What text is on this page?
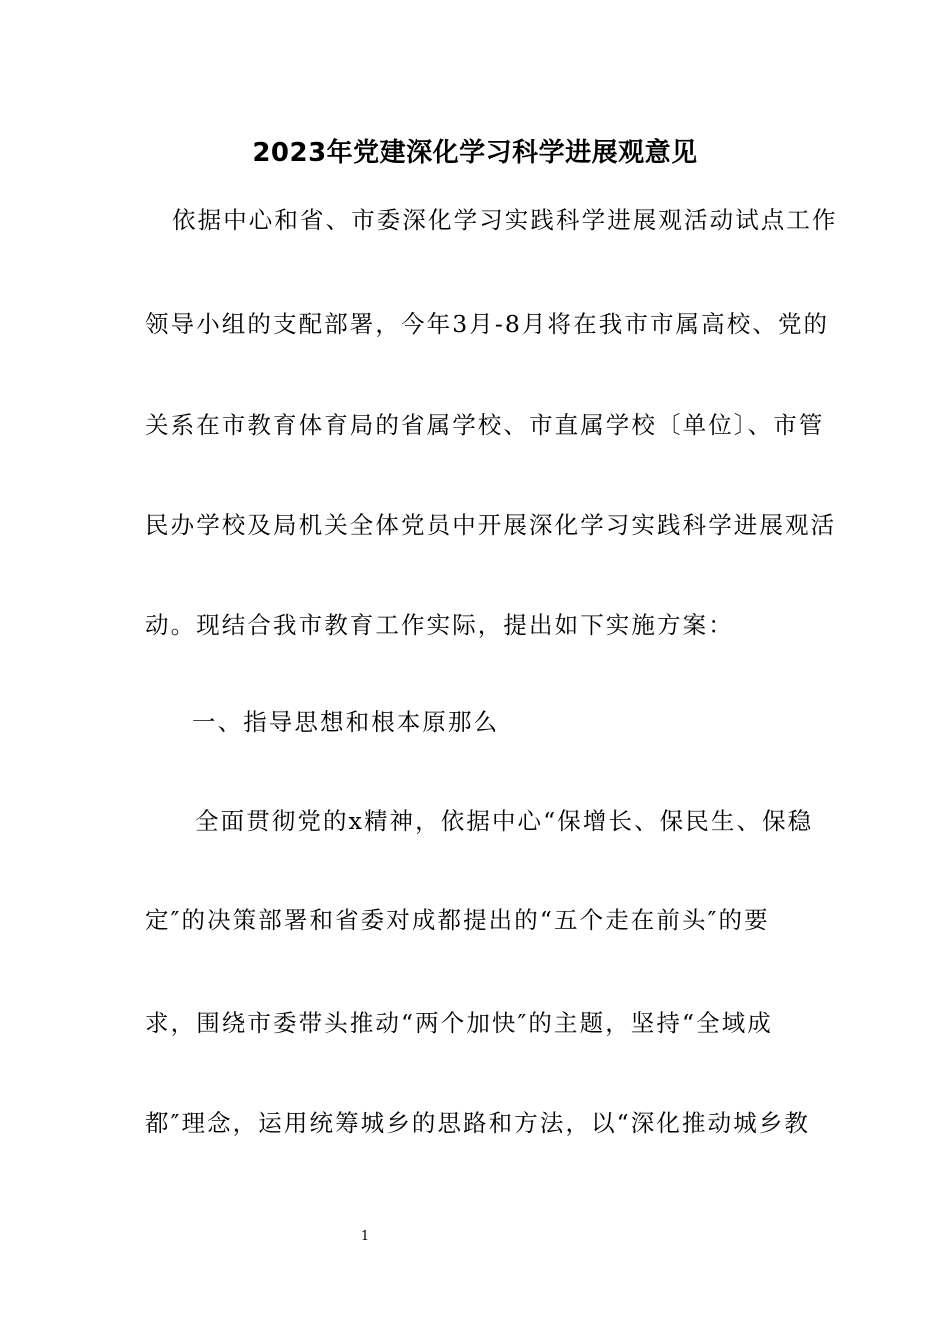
2023年党建深化学习科学进展观意见
依据中心和省、市委深化学习实践科学进展观活动试点工作
领导小组的支配部署，今年3月-8月将在我市市属高校、党的
关系在市教育体育局的省属学校、市直属学校〔单位〕、市管
民办学校及局机关全体党员中开展深化学习实践科学进展观活
动。现结合我市教育工作实际，提出如下实施方案：
一、指导思想和根本原那么
全面贯彻党的x精神，依据中心“保增长、保民生、保稳
定″的决策部署和省委对成都提出的“五个走在前头″的要
求，围绕市委带头推动“两个加快″的主题，坚持“全域成
都″理念，运用统筹城乡的思路和方法，以“深化推动城乡教
1
